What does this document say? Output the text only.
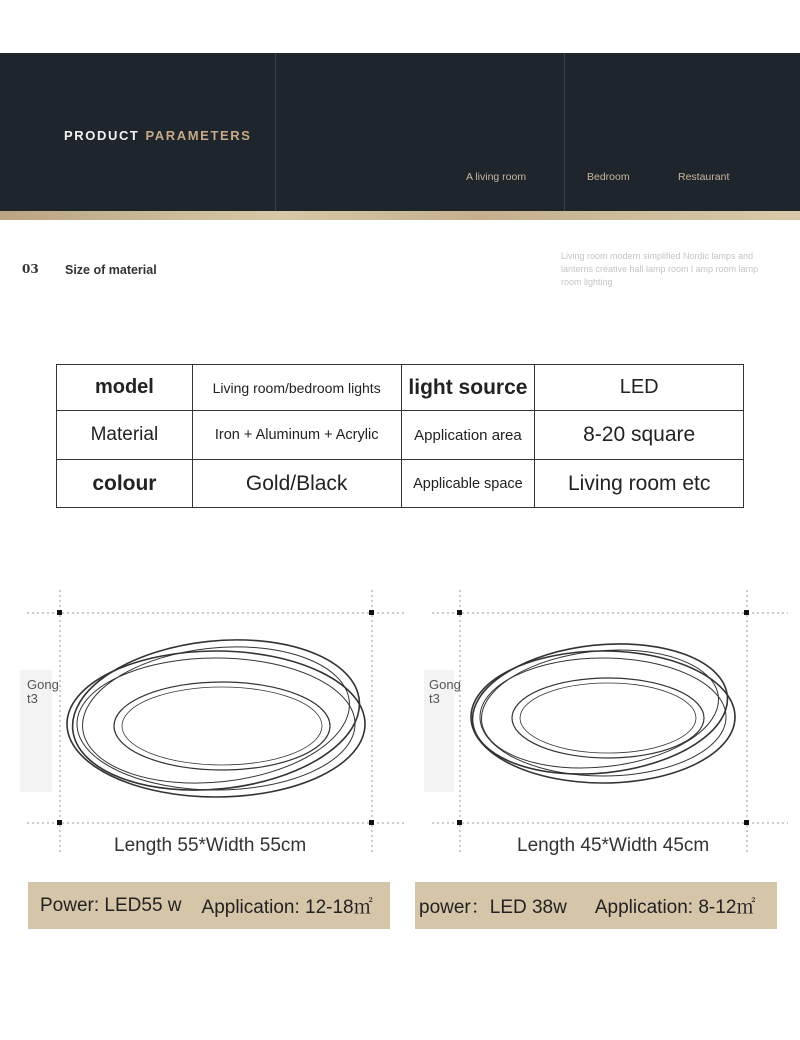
PRODUCT PARAMETERS
A living room	Bedroom	Restaurant
03 Size of material
Living room modern simplified Nordic lamps and lanterns creative hall lamp room l amp room lamp room lighting
model	Living room/bedroom lights	light source	LED
Material	Iron + Aluminum + Acrylic	Application area	8-20 square
colour	Gold/Black	Applicable space	Living room etc
Gong t3
Length 55*Width 55cm
Gong t3
Length 45*Width 45cm
Power: LED55 w Application: 12-18㎡ power：LED 38w Application: 8-12㎡
